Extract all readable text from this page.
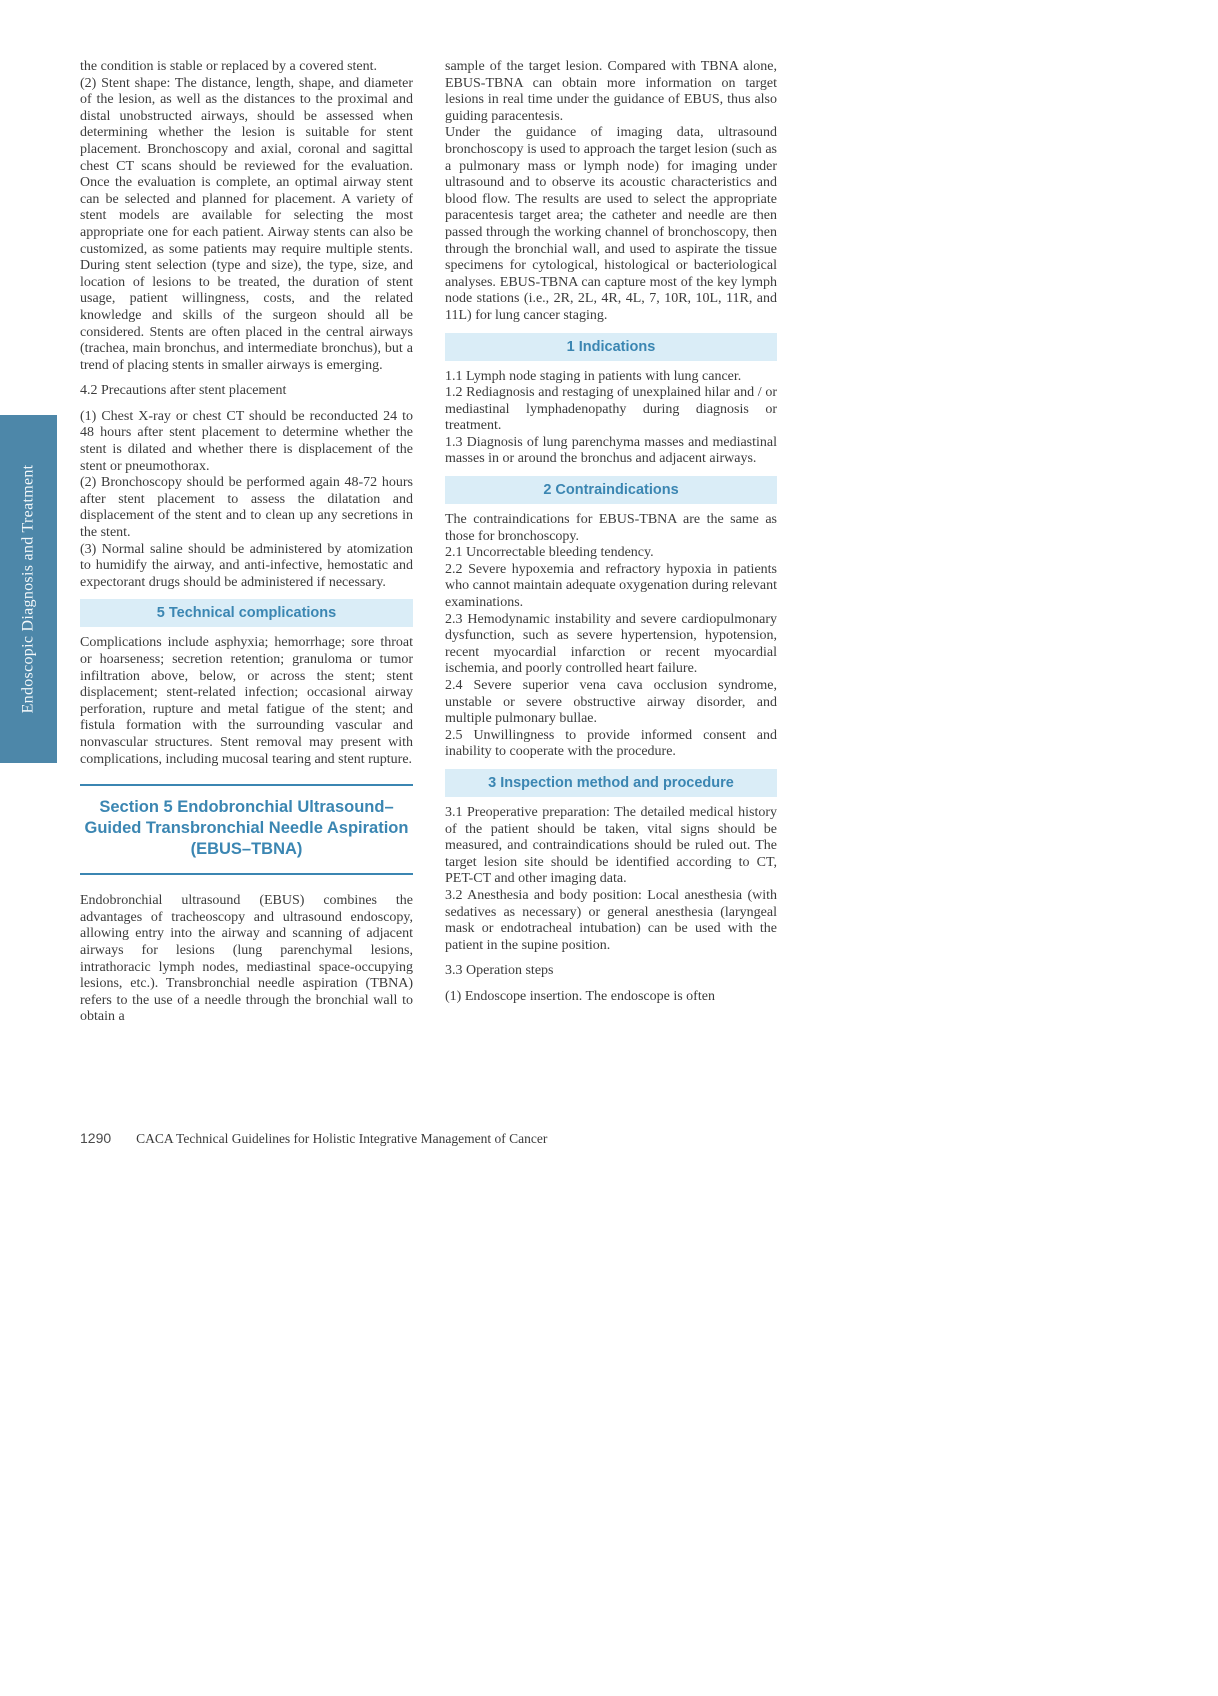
Endoscopic Diagnosis and Treatment

the condition is stable or replaced by a covered stent.

(2) Stent shape: The distance, length, shape, and diameter of the lesion, as well as the distances to the proximal and distal unobstructed airways, should be assessed when determining whether the lesion is suitable for stent placement. Bronchoscopy and axial, coronal and sagittal chest CT scans should be reviewed for the evaluation. Once the evaluation is complete, an optimal airway stent can be selected and planned for placement. A variety of stent models are available for selecting the most appropriate one for each patient. Airway stents can also be customized, as some patients may require multiple stents. During stent selection (type and size), the type, size, and location of lesions to be treated, the duration of stent usage, patient willingness, costs, and the related knowledge and skills of the surgeon should all be considered. Stents are often placed in the central airways (trachea, main bronchus, and intermediate bronchus), but a trend of placing stents in smaller airways is emerging.

4.2 Precautions after stent placement

(1) Chest X-ray or chest CT should be reconducted 24 to 48 hours after stent placement to determine whether the stent is dilated and whether there is displacement of the stent or pneumothorax.

(2) Bronchoscopy should be performed again 48-72 hours after stent placement to assess the dilatation and displacement of the stent and to clean up any secretions in the stent.

(3) Normal saline should be administered by atomization to humidify the airway, and anti-infective, hemostatic and expectorant drugs should be administered if necessary.

5 Technical complications

Complications include asphyxia; hemorrhage; sore throat or hoarseness; secretion retention; granuloma or tumor infiltration above, below, or across the stent; stent displacement; stent-related infection; occasional airway perforation, rupture and metal fatigue of the stent; and fistula formation with the surrounding vascular and nonvascular structures. Stent removal may present with complications, including mucosal tearing and stent rupture.

Section 5 Endobronchial Ultrasound–Guided Transbronchial Needle Aspiration (EBUS–TBNA)

Endobronchial ultrasound (EBUS) combines the advantages of tracheoscopy and ultrasound endoscopy, allowing entry into the airway and scanning of adjacent airways for lesions (lung parenchymal lesions, intrathoracic lymph nodes, mediastinal space-occupying lesions, etc.). Transbronchial needle aspiration (TBNA) refers to the use of a needle through the bronchial wall to obtain a

sample of the target lesion. Compared with TBNA alone, EBUS-TBNA can obtain more information on target lesions in real time under the guidance of EBUS, thus also guiding paracentesis.

Under the guidance of imaging data, ultrasound bronchoscopy is used to approach the target lesion (such as a pulmonary mass or lymph node) for imaging under ultrasound and to observe its acoustic characteristics and blood flow. The results are used to select the appropriate paracentesis target area; the catheter and needle are then passed through the working channel of bronchoscopy, then through the bronchial wall, and used to aspirate the tissue specimens for cytological, histological or bacteriological analyses. EBUS-TBNA can capture most of the key lymph node stations (i.e., 2R, 2L, 4R, 4L, 7, 10R, 10L, 11R, and 11L) for lung cancer staging.

1 Indications

1.1 Lymph node staging in patients with lung cancer.

1.2 Rediagnosis and restaging of unexplained hilar and / or mediastinal lymphadenopathy during diagnosis or treatment.

1.3 Diagnosis of lung parenchyma masses and mediastinal masses in or around the bronchus and adjacent airways.

2 Contraindications

The contraindications for EBUS-TBNA are the same as those for bronchoscopy.

2.1 Uncorrectable bleeding tendency.

2.2 Severe hypoxemia and refractory hypoxia in patients who cannot maintain adequate oxygenation during relevant examinations.

2.3 Hemodynamic instability and severe cardiopulmonary dysfunction, such as severe hypertension, hypotension, recent myocardial infarction or recent myocardial ischemia, and poorly controlled heart failure.

2.4 Severe superior vena cava occlusion syndrome, unstable or severe obstructive airway disorder, and multiple pulmonary bullae.

2.5 Unwillingness to provide informed consent and inability to cooperate with the procedure.

3 Inspection method and procedure

3.1 Preoperative preparation: The detailed medical history of the patient should be taken, vital signs should be measured, and contraindications should be ruled out. The target lesion site should be identified according to CT, PET-CT and other imaging data.

3.2 Anesthesia and body position: Local anesthesia (with sedatives as necessary) or general anesthesia (laryngeal mask or endotracheal intubation) can be used with the patient in the supine position.

3.3 Operation steps

(1) Endoscope insertion. The endoscope is often

1290 CACA Technical Guidelines for Holistic Integrative Management of Cancer
